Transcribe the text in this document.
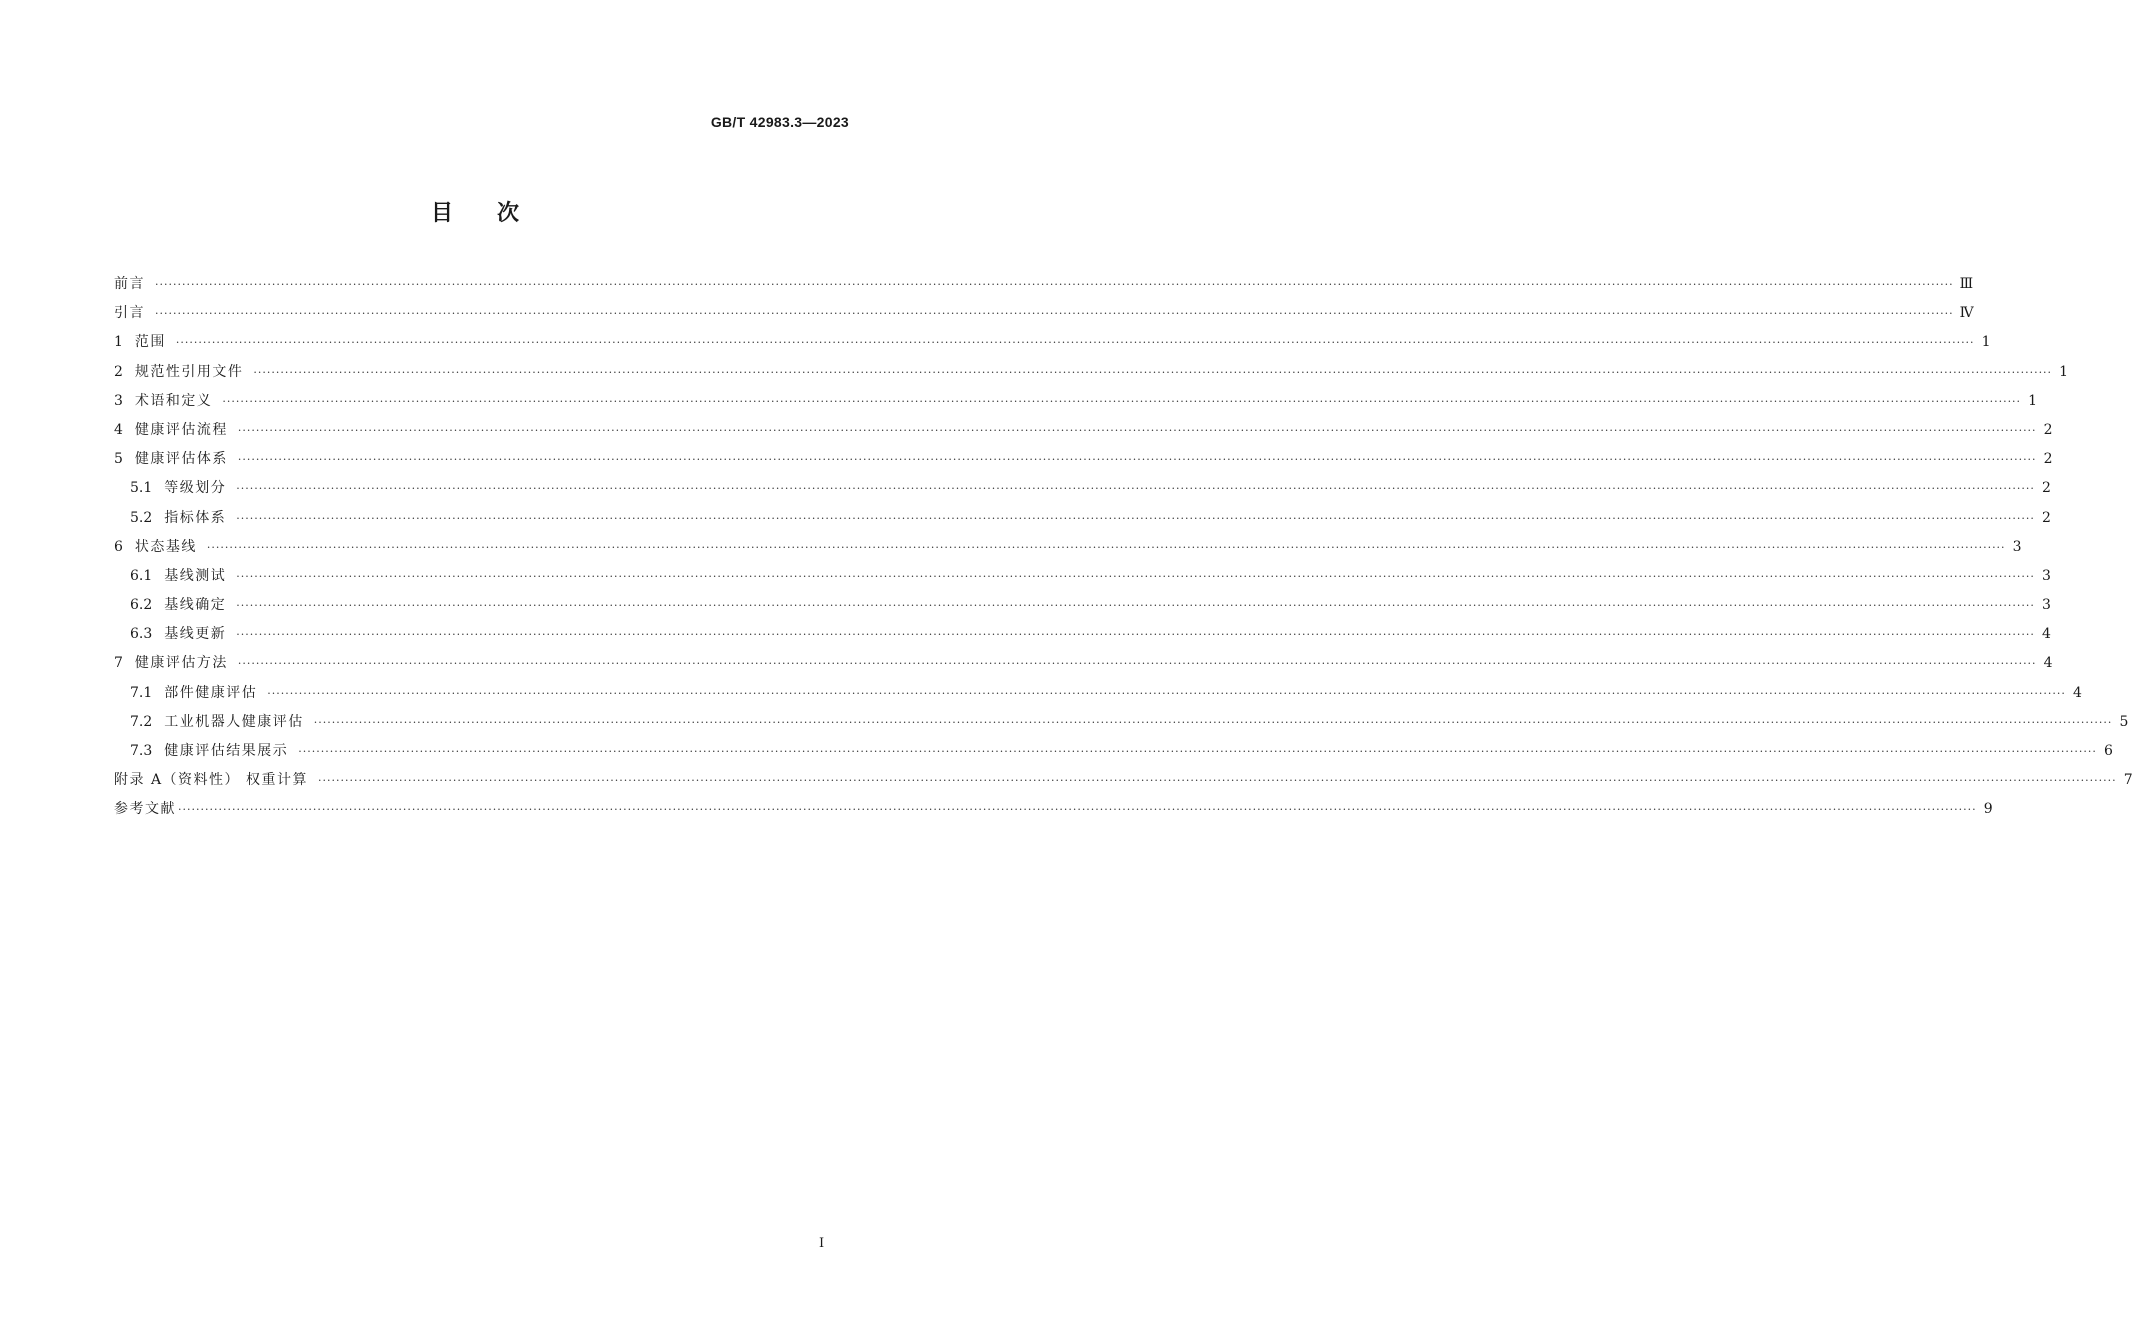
GB/T 42983.3—2023
目次
前言 ················································································································································································································································································································································································································ Ⅲ
引言 ················································································································································································································································································································································································································ Ⅳ
1 范围 ················································································································································································································································································································································································································ 1
2 规范性引用文件 ················································································································································································································································································································································································································ 1
3 术语和定义 ················································································································································································································································································································································································································ 1
4 健康评估流程 ················································································································································································································································································································································································································ 2
5 健康评估体系 ················································································································································································································································································································································································································ 2
5.1 等级划分 ················································································································································································································································································································································································································ 2
5.2 指标体系 ················································································································································································································································································································································································································ 2
6 状态基线 ················································································································································································································································································································································································································ 3
6.1 基线测试 ················································································································································································································································································································································································································ 3
6.2 基线确定 ················································································································································································································································································································································································································ 3
6.3 基线更新 ················································································································································································································································································································································································································ 4
7 健康评估方法 ················································································································································································································································································································································································································ 4
7.1 部件健康评估 ················································································································································································································································································································································································································ 4
7.2 工业机器人健康评估 ················································································································································································································································································································································································································ 5
7.3 健康评估结果展示 ················································································································································································································································································································································································································ 6
附录 A（资料性） 权重计算 ················································································································································································································································································································································································································ 7
参考文献 ················································································································································································································································································································································································································ 9
I
